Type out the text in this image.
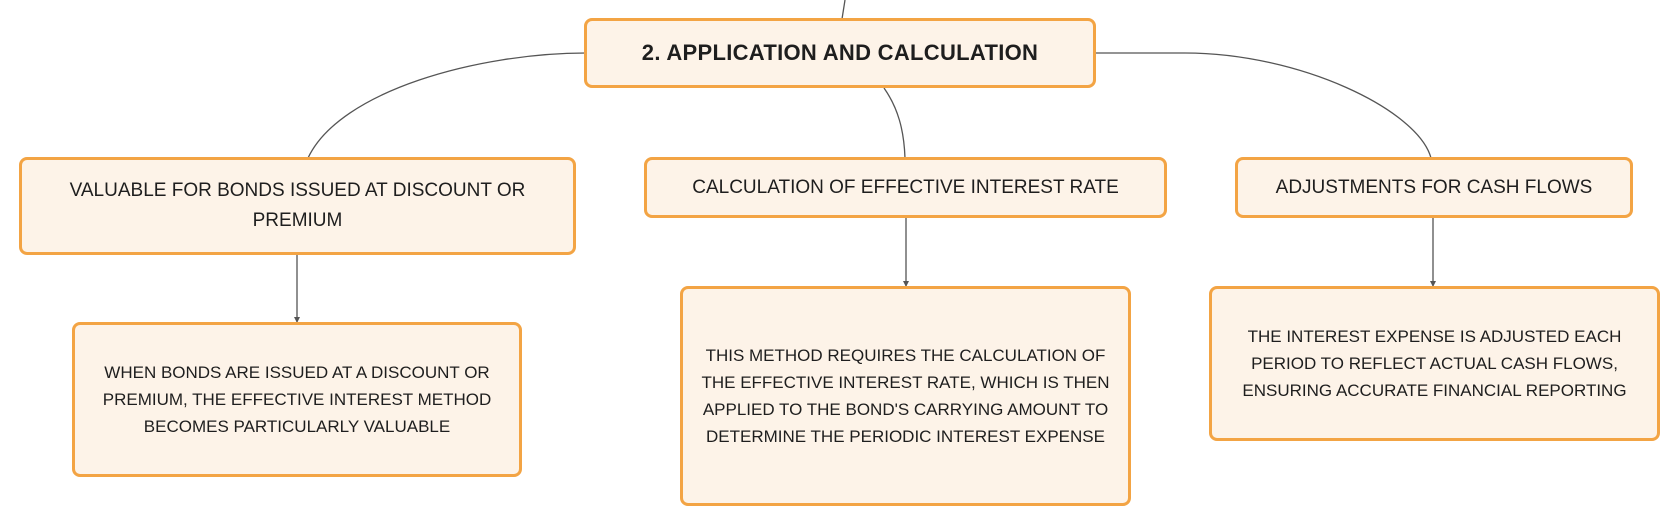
2. APPLICATION AND CALCULATION
VALUABLE FOR BONDS ISSUED AT DISCOUNT OR PREMIUM
CALCULATION OF EFFECTIVE INTEREST RATE	ADJUSTMENTS FOR CASH FLOWS
WHEN BONDS ARE ISSUED AT A DISCOUNT OR PREMIUM, THE EFFECTIVE INTEREST METHOD BECOMES PARTICULARLY VALUABLE
THIS METHOD REQUIRES THE CALCULATION OF THE EFFECTIVE INTEREST RATE, WHICH IS THEN APPLIED TO THE BOND'S CARRYING AMOUNT TO DETERMINE THE PERIODIC INTEREST EXPENSE
THE INTEREST EXPENSE IS ADJUSTED EACH PERIOD TO REFLECT ACTUAL CASH FLOWS, ENSURING ACCURATE FINANCIAL REPORTING
